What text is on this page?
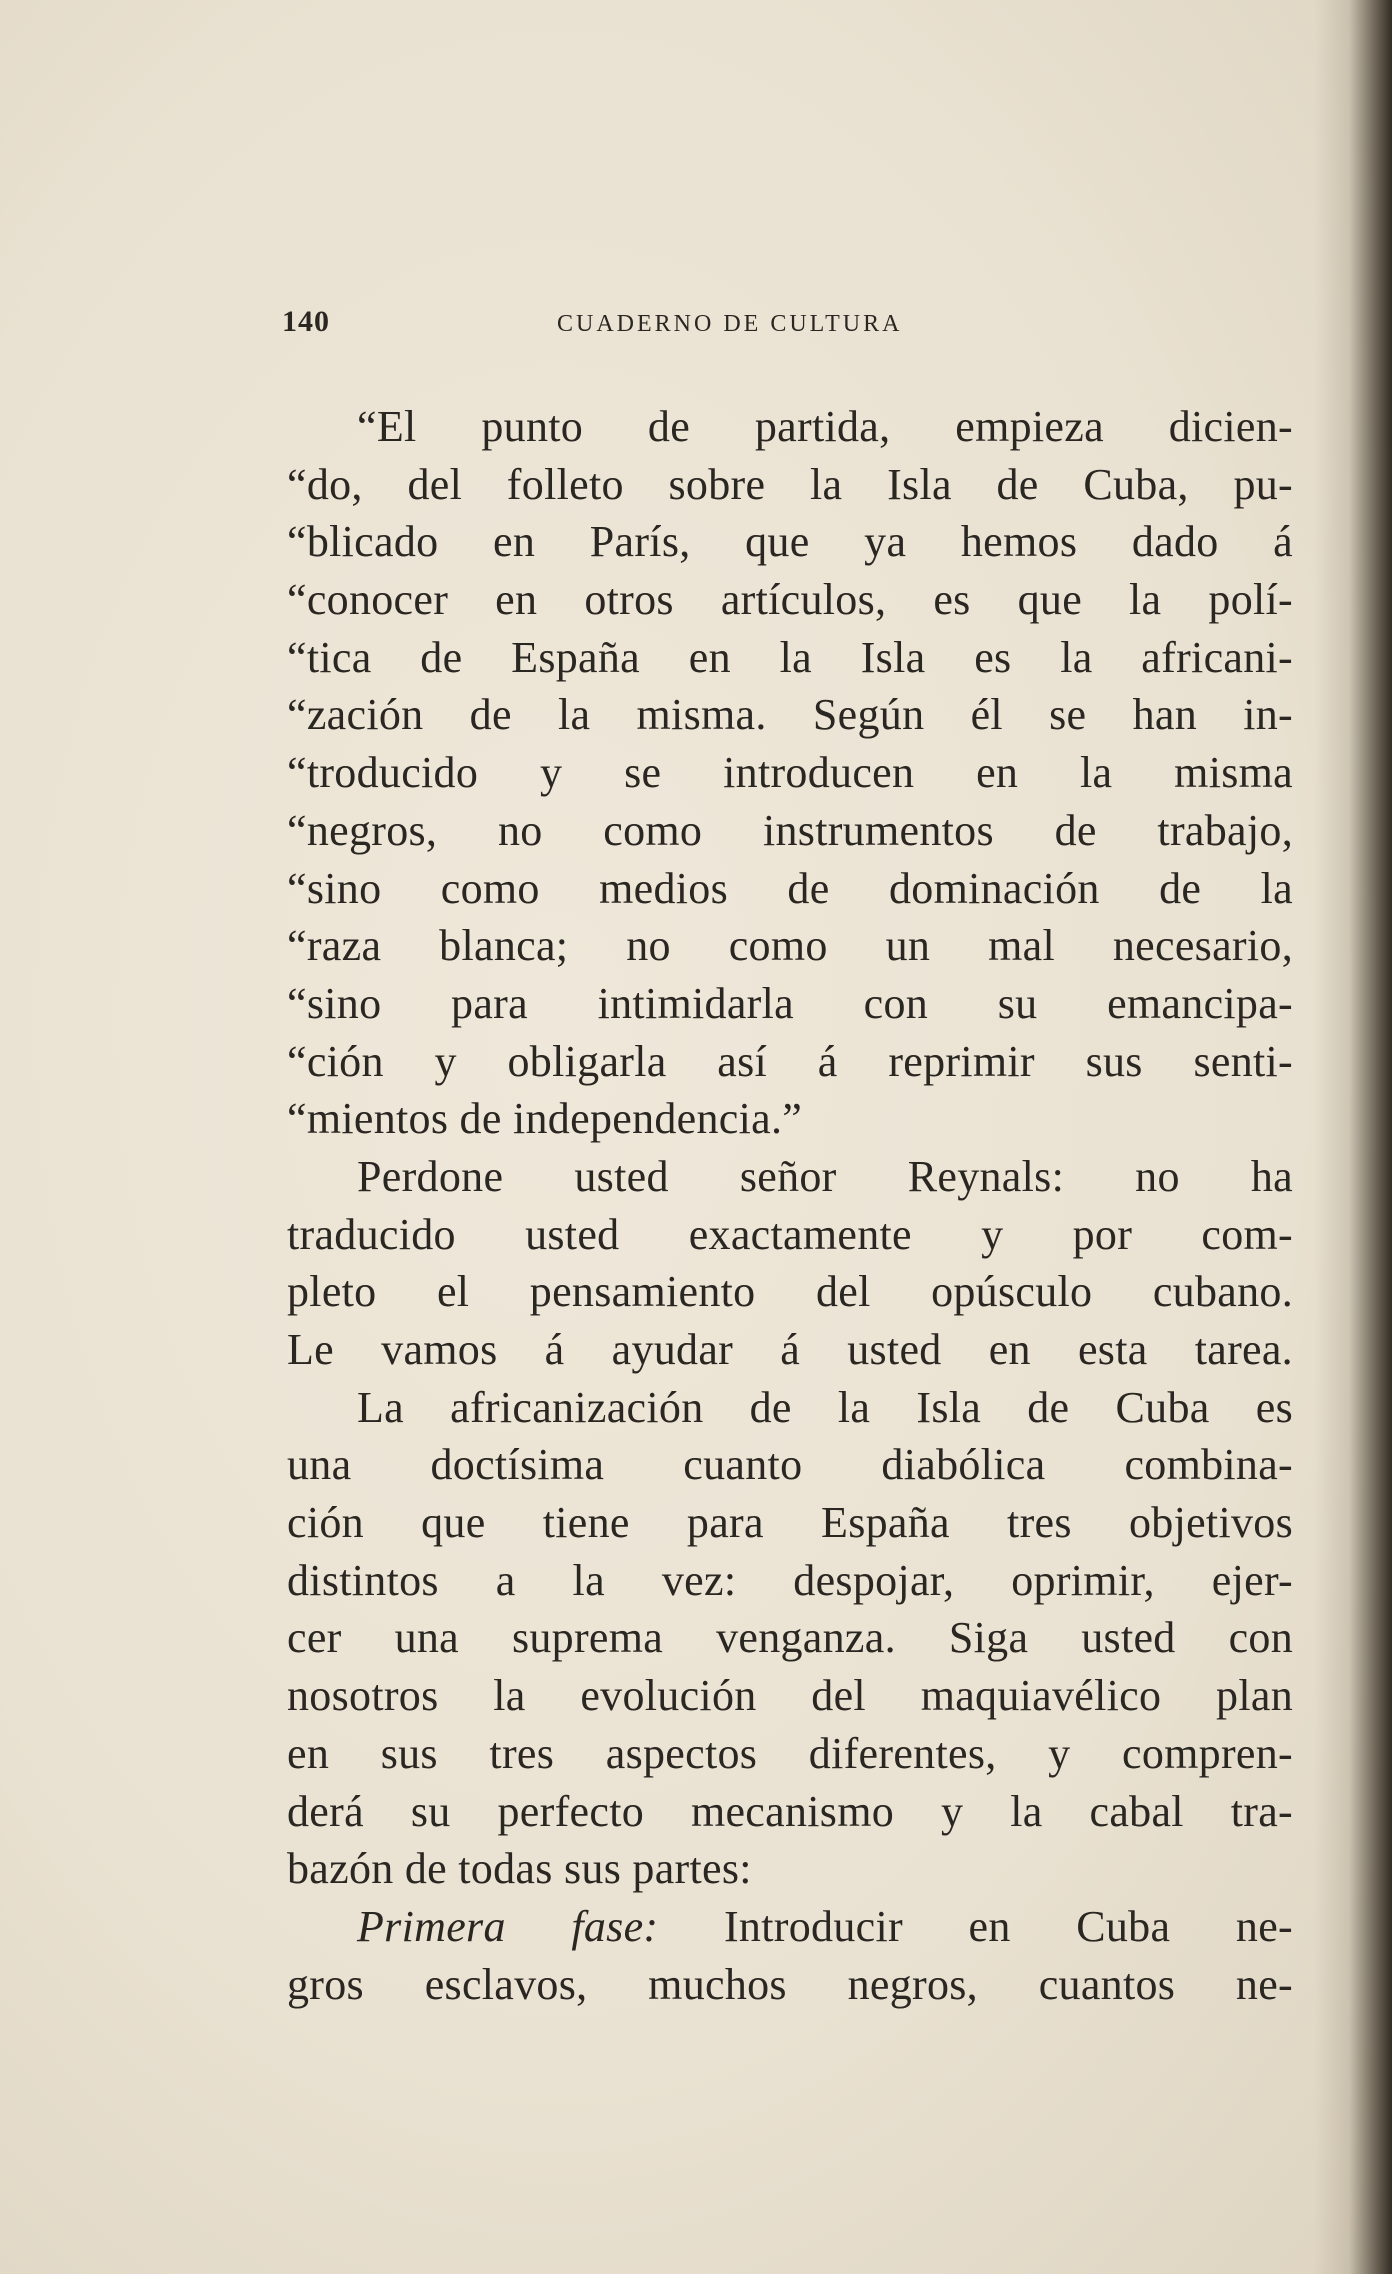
140	CUADERNO DE CULTURA
“El punto de partida, empieza dicien-
“do, del folleto sobre la Isla de Cuba, pu-
“blicado en París, que ya hemos dado á
“conocer en otros artículos, es que la polí-
“tica de España en la Isla es la africani-
“zación de la misma. Según él se han in-
“troducido y se introducen en la misma
“negros, no como instrumentos de trabajo,
“sino como medios de dominación de la
“raza blanca; no como un mal necesario,
“sino para intimidarla con su emancipa-
“ción y obligarla así á reprimir sus senti-
“mientos de independencia.”
Perdone usted señor Reynals: no ha
traducido usted exactamente y por com-
pleto el pensamiento del opúsculo cubano.
Le vamos á ayudar á usted en esta tarea.
La africanización de la Isla de Cuba es
una doctísima cuanto diabólica combina-
ción que tiene para España tres objetivos
distintos a la vez: despojar, oprimir, ejer-
cer una suprema venganza. Siga usted con
nosotros la evolución del maquiavélico plan
en sus tres aspectos diferentes, y compren-
derá su perfecto mecanismo y la cabal tra-
bazón de todas sus partes:
Primera fase: Introducir en Cuba ne-
gros esclavos, muchos negros, cuantos ne-
